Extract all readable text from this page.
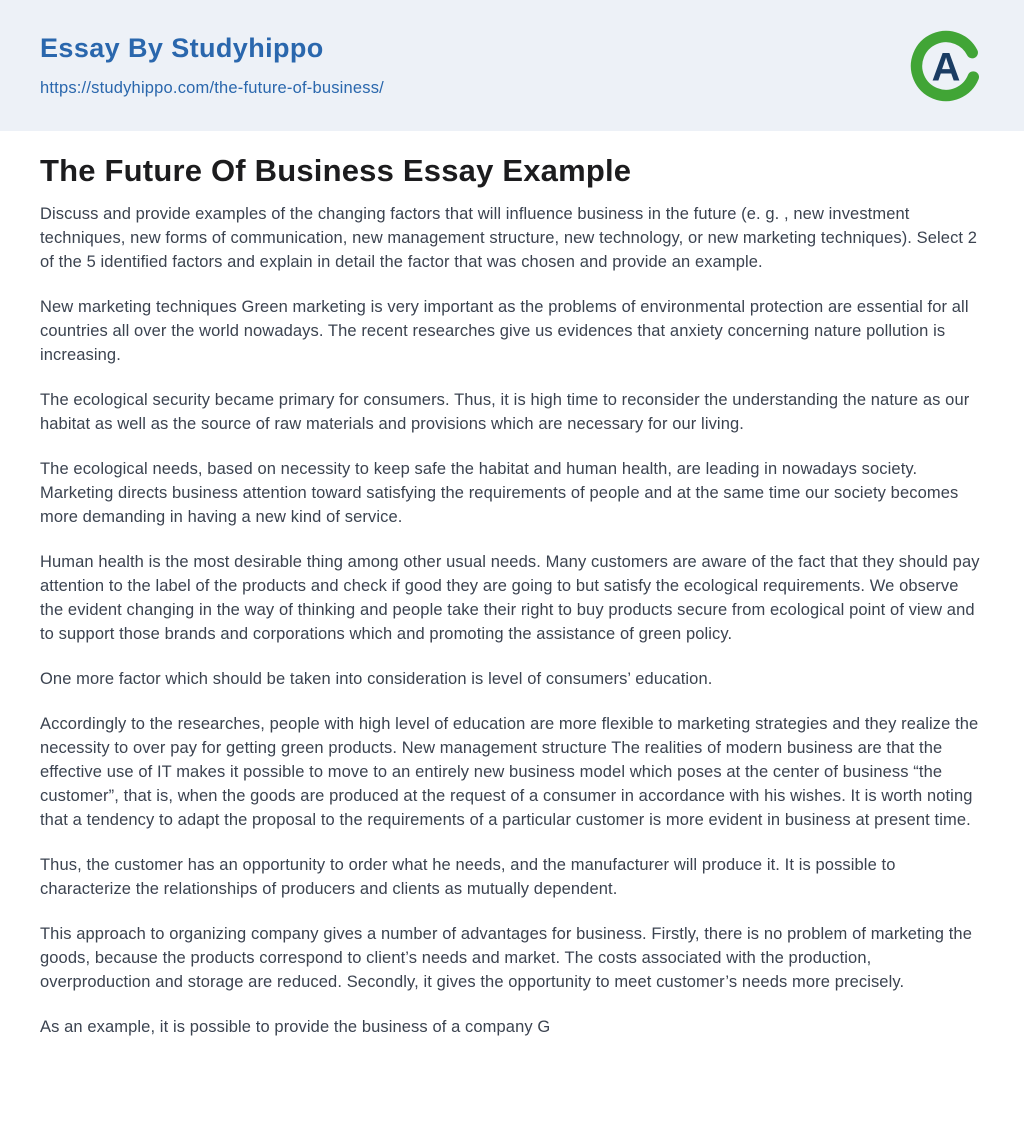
Essay By Studyhippo
https://studyhippo.com/the-future-of-business/	A
The Future Of Business Essay Example

Discuss and provide examples of the changing factors that will influence business in the future (e. g. , new investment techniques, new forms of communication, new management structure, new technology, or new marketing techniques). Select 2 of the 5 identified factors and explain in detail the factor that was chosen and provide an example.

New marketing techniques Green marketing is very important as the problems of environmental protection are essential for all countries all over the world nowadays. The recent researches give us evidences that anxiety concerning nature pollution is increasing.

The ecological security became primary for consumers. Thus, it is high time to reconsider the understanding the nature as our habitat as well as the source of raw materials and provisions which are necessary for our living.

The ecological needs, based on necessity to keep safe the habitat and human health, are leading in nowadays society. Marketing directs business attention toward satisfying the requirements of people and at the same time our society becomes more demanding in having a new kind of service.

Human health is the most desirable thing among other usual needs. Many customers are aware of the fact that they should pay attention to the label of the products and check if good they are going to but satisfy the ecological requirements. We observe the evident changing in the way of thinking and people take their right to buy products secure from ecological point of view and to support those brands and corporations which and promoting the assistance of green policy.

One more factor which should be taken into consideration is level of consumers’ education.

Accordingly to the researches, people with high level of education are more flexible to marketing strategies and they realize the necessity to over pay for getting green products. New management structure The realities of modern business are that the effective use of IT makes it possible to move to an entirely new business model which poses at the center of business “the customer”, that is, when the goods are produced at the request of a consumer in accordance with his wishes. It is worth noting that a tendency to adapt the proposal to the requirements of a particular customer is more evident in business at present time.

Thus, the customer has an opportunity to order what he needs, and the manufacturer will produce it. It is possible to characterize the relationships of producers and clients as mutually dependent.

This approach to organizing company gives a number of advantages for business. Firstly, there is no problem of marketing the goods, because the products correspond to client’s needs and market. The costs associated with the production, overproduction and storage are reduced. Secondly, it gives the opportunity to meet customer’s needs more precisely.

As an example, it is possible to provide the business of a company G
